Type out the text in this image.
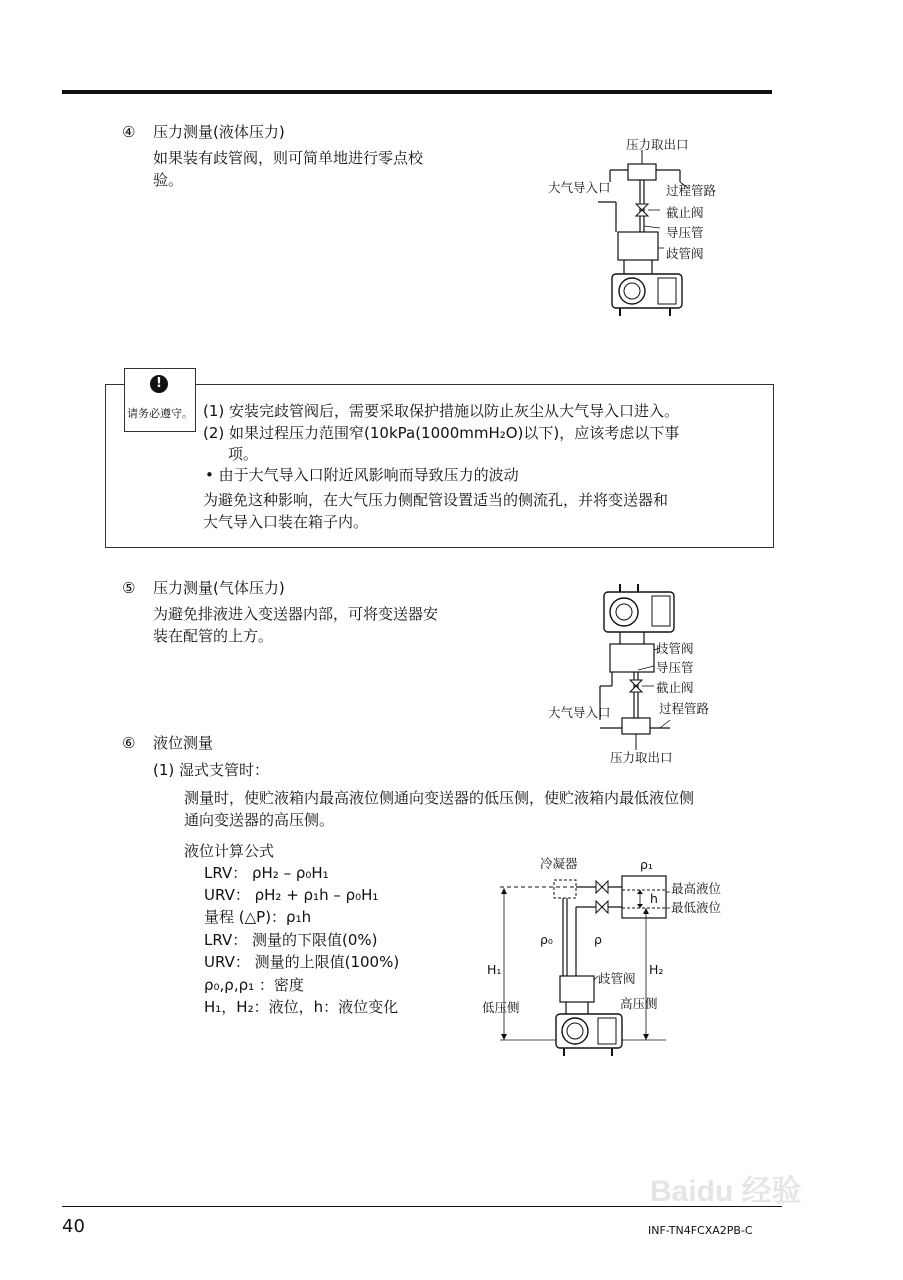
④ 压力测量(液体压力)
如果装有歧管阀，则可简单地进行零点校
验。
压力取出口
大气导入口	过程管路
截止阀
导压管
歧管阀
!
请务必遵守。 (1) 安装完歧管阀后，需要采取保护措施以防止灰尘从大气导入口进入。
(2) 如果过程压力范围窄(10kPa(1000mmH₂O)以下)，应该考虑以下事
项。
• 由于大气导入口附近风影响而导致压力的波动
为避免这种影响，在大气压力侧配管设置适当的侧流孔，并将变送器和
大气导入口装在箱子内。
⑤ 压力测量(气体压力)
为避免排液进入变送器内部，可将变送器安
装在配管的上方。
歧管阀
导压管
截止阀
大气导入口	过程管路
压力取出口
⑥ 液位测量
(1) 湿式支管时：
测量时，使贮液箱内最高液位侧通向变送器的低压侧，使贮液箱内最低液位侧
通向变送器的高压侧。
液位计算公式
LRV： ρH₂ – ρ₀H₁
URV： ρH₂ + ρ₁h – ρ₀H₁
量程 (△P)：ρ₁h
LRV： 测量的下限值(0%)
URV： 测量的上限值(100%)
ρ₀,ρ,ρ₁ ：密度
H₁，H₂：液位，h：液位变化
冷凝器	ρ₁
最高液位
最低液位
h
ρ₀	ρ
H₁	H₂
歧管阀
低压侧	高压侧
40	INF-TN4FCXA2PB-C
Baidu 经验
